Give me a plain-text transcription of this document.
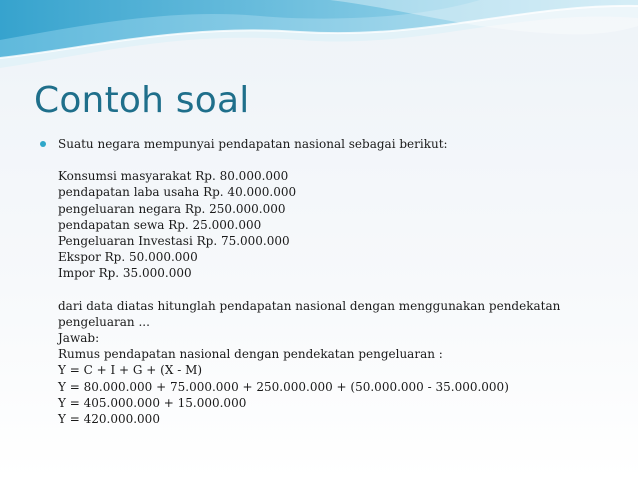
Contoh soal
Suatu negara mempunyai pendapatan nasional sebagai berikut:
Konsumsi masyarakat Rp. 80.000.000
pendapatan laba usaha Rp. 40.000.000
pengeluaran negara Rp. 250.000.000
pendapatan sewa Rp. 25.000.000
Pengeluaran Investasi Rp. 75.000.000
Ekspor Rp. 50.000.000
Impor Rp. 35.000.000
dari data diatas hitunglah pendapatan nasional dengan menggunakan pendekatan pengeluaran ...
Jawab:
Rumus pendapatan nasional dengan pendekatan pengeluaran :
Y = C + I + G + (X - M)
Y = 80.000.000 + 75.000.000 + 250.000.000 + (50.000.000 - 35.000.000)
Y = 405.000.000 + 15.000.000
Y = 420.000.000
